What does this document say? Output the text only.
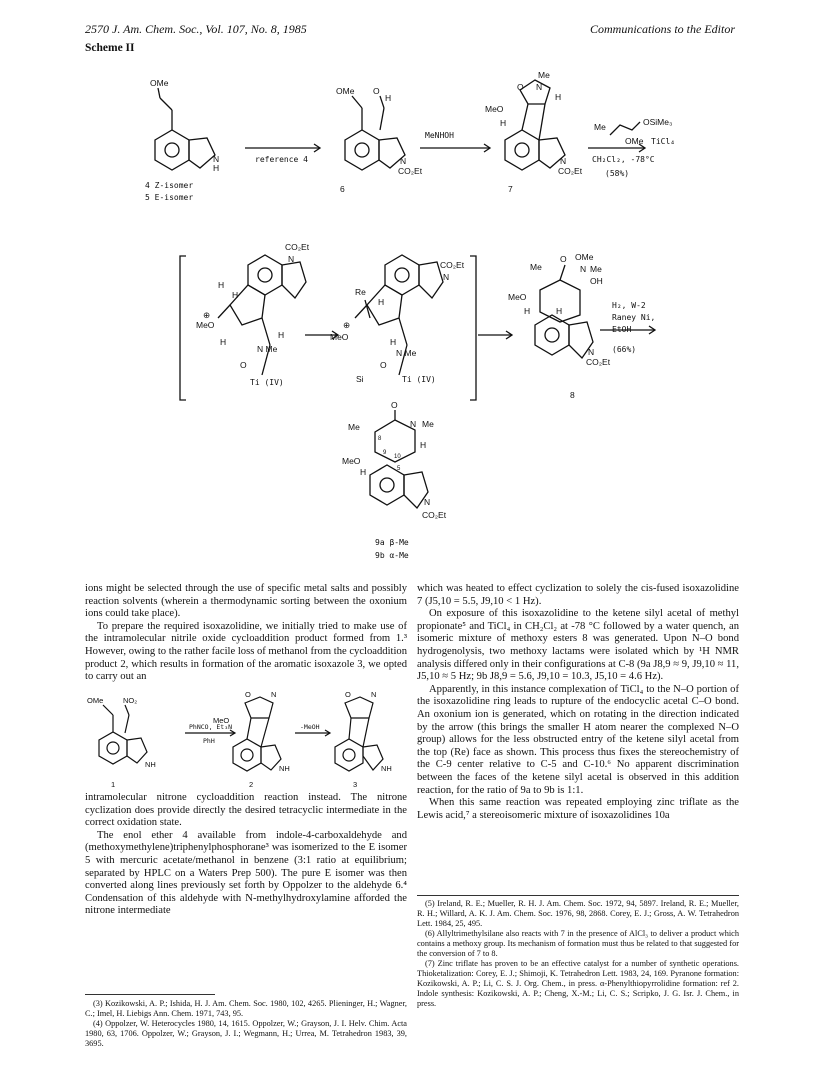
2570 J. Am. Chem. Soc., Vol. 107, No. 8, 1985	Communications to the Editor
Scheme II
OMe
N
H
4 Z-isomer
5 E-isomer
reference 4
OMe O
H
N
CO₂Et
6
MeNHOH
O N
Me
H
MeO
H
N
CO₂Et
7
Me	OSiMe₃
OMe TiCl₄
CH₂Cl₂, -78°C
(58%)
CO₂Et
N
H
H
⊕
MeO
H
H
N Me
O
Ti (IV)
Re
CO₂Et
N
H
⊕
MeO	H
N Me
O
Si	Ti (IV)
Me
O OMe
N Me
OH
MeO
H	H
N
CO₂Et
8
H₂, W-2
Raney Ni,
EtOH
(66%)
O
Me	N Me
8
9
10
5
H
MeO
H
N
CO₂Et
9a β-Me
9b α-Me

ions might be selected through the use of specific metal salts and possibly reaction solvents (wherein a thermodynamic sorting between the oxonium ions could take place).

To prepare the required isoxazolidine, we initially tried to make use of the intramolecular nitrile oxide cycloaddition product formed from 1.³ However, owing to the rather facile loss of methanol from the cycloaddition product 2, which results in formation of the aromatic isoxazole 3, we opted to carry out an

OMe	NO₂
NH
PhNCO, Et₃N
PhH
O	N
MeO
NH
-MeOH
O	N
NH
1	2	3

intramolecular nitrone cycloaddition reaction instead. The nitrone cyclization does provide directly the desired tetracyclic intermediate in the correct oxidation state.

The enol ether 4 available from indole-4-carboxaldehyde and (methoxymethylene)triphenylphosphorane³ was isomerized to the E isomer 5 with mercuric acetate/methanol in benzene (3:1 ratio at equilibrium; separated by HPLC on a Waters Prep 500). The pure E isomer was then converted along lines previously set forth by Oppolzer to the aldehyde 6.⁴ Condensation of this aldehyde with N-methylhydroxylamine afforded the nitrone intermediate

(3) Kozikowski, A. P.; Ishida, H. J. Am. Chem. Soc. 1980, 102, 4265. Plieninger, H.; Wagner, C.; Imel, H. Liebigs Ann. Chem. 1971, 743, 95.

(4) Oppolzer, W. Heterocycles 1980, 14, 1615. Oppolzer, W.; Grayson, J. I. Helv. Chim. Acta 1980, 63, 1706. Oppolzer, W.; Grayson, J. I.; Wegmann, H.; Urrea, M. Tetrahedron 1983, 39, 3695.

which was heated to effect cyclization to solely the cis-fused isoxazolidine 7 (J5,10 = 5.5, J9,10 < 1 Hz).

On exposure of this isoxazolidine to the ketene silyl acetal of methyl propionate⁵ and TiCl₄ in CH₂Cl₂ at -78 °C followed by a water quench, an isomeric mixture of methoxy esters 8 was generated. Upon N–O bond hydrogenolysis, two methoxy lactams were isolated which by ¹H NMR analysis differed only in their configurations at C-8 (9a J8,9 ≈ 9, J9,10 ≈ 11, J5,10 ≈ 5 Hz; 9b J8,9 = 5.6, J9,10 = 10.3, J5,10 = 4.6 Hz).

Apparently, in this instance complexation of TiCl₄ to the N–O portion of the isoxazolidine ring leads to rupture of the endocyclic acetal C–O bond. An oxonium ion is generated, which on rotating in the direction indicated by the arrow (this brings the smaller H atom nearer the complexed N–O group) allows for the less obstructed entry of the ketene silyl acetal from the top (Re) face as shown. This process thus fixes the stereochemistry of the C-9 center relative to C-5 and C-10.⁶ No apparent discrimination between the faces of the ketene silyl acetal is observed in this addition reaction, for the ratio of 9a to 9b is 1:1.

When this same reaction was repeated employing zinc triflate as the Lewis acid,⁷ a stereoisomeric mixture of isoxazolidines 10a

(5) Ireland, R. E.; Mueller, R. H. J. Am. Chem. Soc. 1972, 94, 5897. Ireland, R. E.; Mueller, R. H.; Willard, A. K. J. Am. Chem. Soc. 1976, 98, 2868. Corey, E. J.; Gross, A. W. Tetrahedron Lett. 1984, 25, 495.

(6) Allyltrimethylsilane also reacts with 7 in the presence of AlCl₃ to deliver a product which contains a methoxy group. Its mechanism of formation must thus be related to that suggested for the conversion of 7 to 8.

(7) Zinc triflate has proven to be an effective catalyst for a number of synthetic operations. Thioketalization: Corey, E. J.; Shimoji, K. Tetrahedron Lett. 1983, 24, 169. Pyranone formation: Kozikowski, A. P.; Li, C. S. J. Org. Chem., in press. α-Phenylthiopyrrolidine formation: ref 2. Indole synthesis: Kozikowski, A. P.; Cheng, X.-M.; Li, C. S.; Scripko, J. G. Isr. J. Chem., in press.
